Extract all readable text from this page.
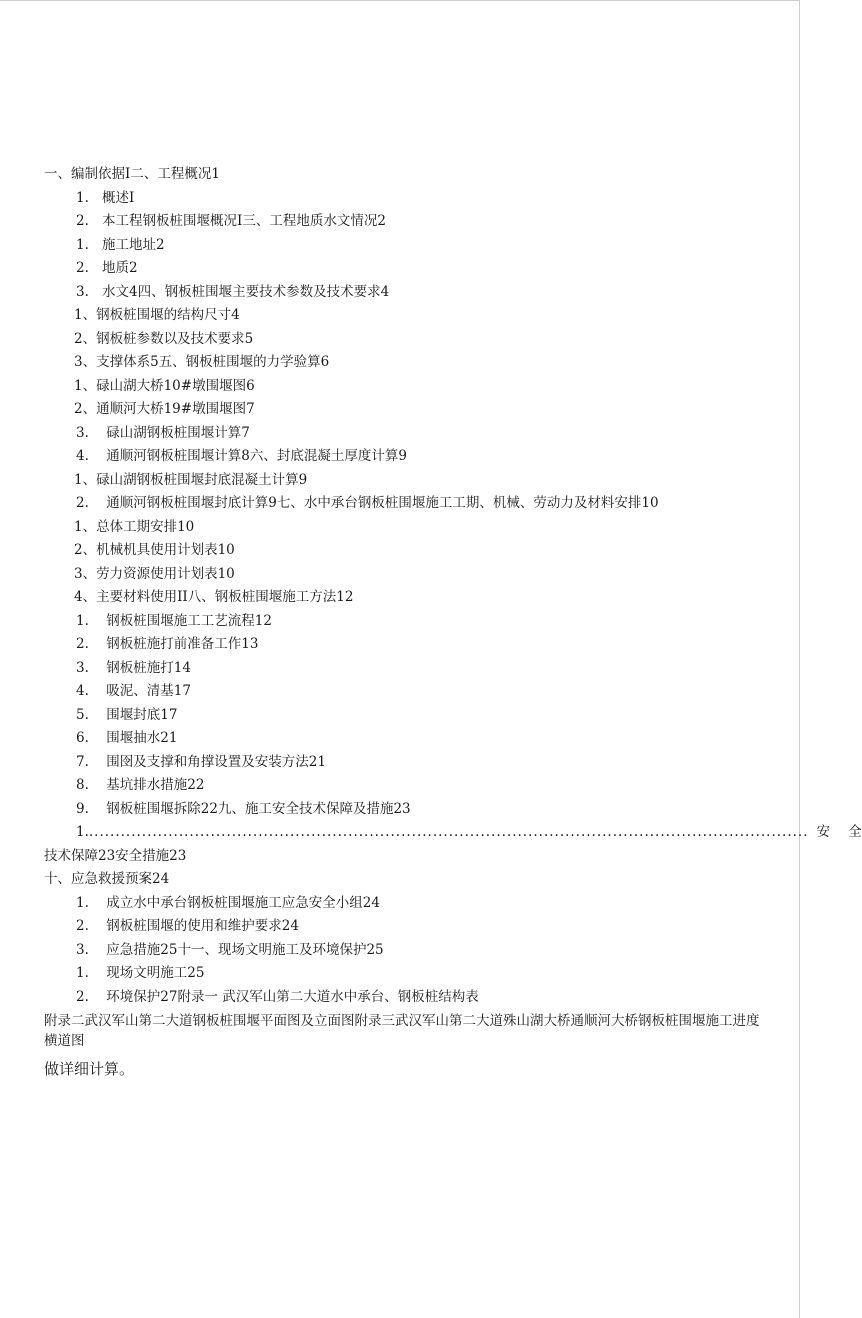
一、编制依据I二、工程概况1
1. 概述I
2. 本工程钢板桩围堰概况I三、工程地质水文情况2
1. 施工地址2
2. 地质2
3. 水文4四、钢板桩围堰主要技术参数及技术要求4
1、钢板桩围堰的结构尺寸4
2、钢板桩参数以及技术要求5
3、支撑体系5五、钢板桩围堰的力学验算6
1、碌山湖大桥10#墩围堰图6
2、通顺河大桥19#墩围堰图7
3. 碌山湖钢板桩围堰计算7
4. 通顺河钢板桩围堰计算8六、封底混凝土厚度计算9
1、碌山湖钢板桩围堰封底混凝土计算9
2. 通顺河钢板桩围堰封底计算9七、水中承台钢板桩围堰施工工期、机械、劳动力及材料安排10
1、总体工期安排10
2、机械机具使用计划表10
3、劳力资源使用计划表10
4、主要材料使用II八、钢板桩围堰施工方法12
1. 钢板桩围堰施工工艺流程12
2. 钢板桩施打前准备工作13
3. 钢板桩施打14
4. 吸泥、清基17
5. 围堰封底17
6. 围堰抽水21
7. 围囹及支撑和角撑设置及安装方法21
8. 基坑排水措施22
9. 钢板桩围堰拆除22九、施工安全技术保障及措施23
1. ........................................................................................................................................ 安 全
技术保障23安全措施23
十、应急救援预案24
1. 成立水中承台钢板桩围堰施工应急安全小组24
2. 钢板桩围堰的使用和维护要求24
3. 应急措施25十一、现场文明施工及环境保护25
1. 现场文明施工25
2. 环境保护27附录一 武汉军山第二大道水中承台、钢板桩结构表
附录二武汉军山第二大道钢板桩围堰平面图及立面图附录三武汉军山第二大道殊山湖大桥通顺河大桥钢板桩围堰施工进度横道图
做详细计算。
